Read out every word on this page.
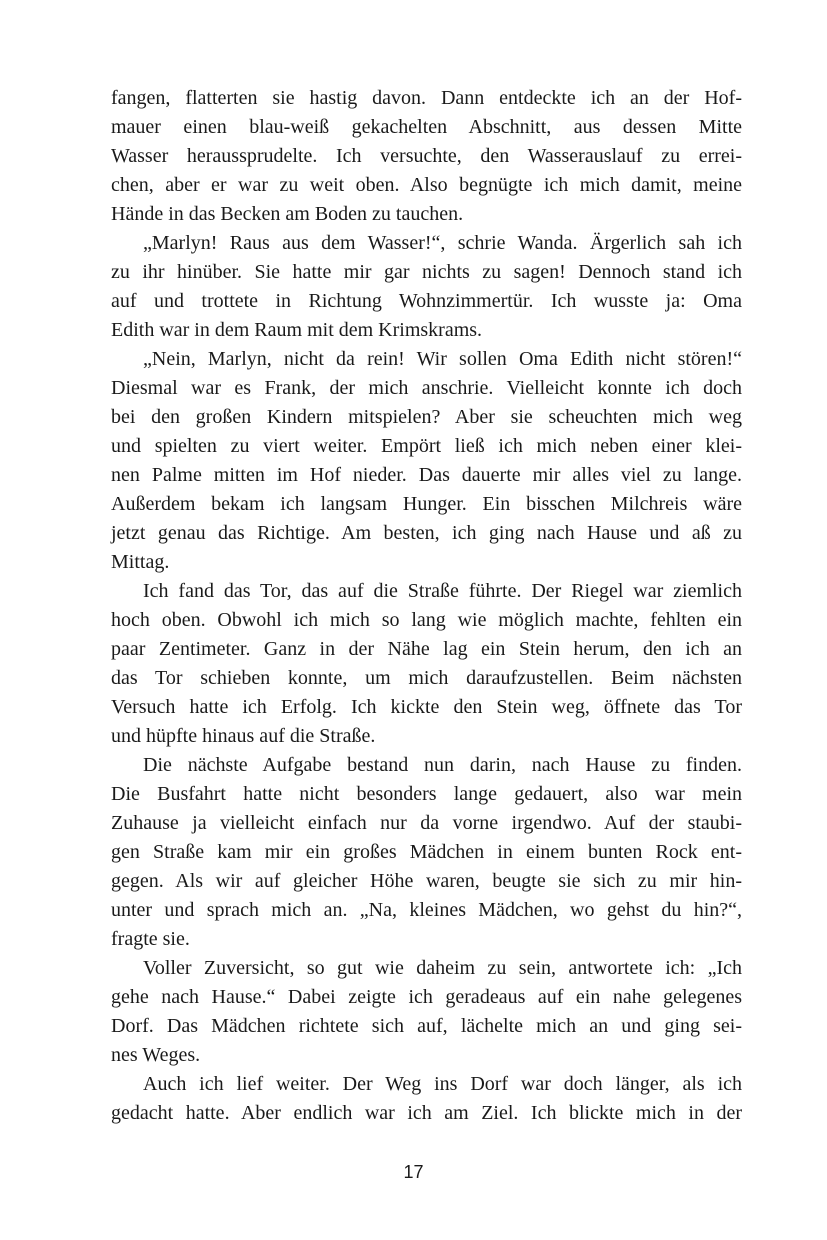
fangen, flatterten sie hastig davon. Dann entdeckte ich an der Hof-
mauer einen blau-weiß gekachelten Abschnitt, aus dessen Mitte
Wasser heraussprudelte. Ich versuchte, den Wasserauslauf zu errei-
chen, aber er war zu weit oben. Also begnügte ich mich damit, meine
Hände in das Becken am Boden zu tauchen.
„Marlyn! Raus aus dem Wasser!“, schrie Wanda. Ärgerlich sah ich
zu ihr hinüber. Sie hatte mir gar nichts zu sagen! Dennoch stand ich
auf und trottete in Richtung Wohnzimmertür. Ich wusste ja: Oma
Edith war in dem Raum mit dem Krimskrams.
„Nein, Marlyn, nicht da rein! Wir sollen Oma Edith nicht stören!“
Diesmal war es Frank, der mich anschrie. Vielleicht konnte ich doch
bei den großen Kindern mitspielen? Aber sie scheuchten mich weg
und spielten zu viert weiter. Empört ließ ich mich neben einer klei-
nen Palme mitten im Hof nieder. Das dauerte mir alles viel zu lange.
Außerdem bekam ich langsam Hunger. Ein bisschen Milchreis wäre
jetzt genau das Richtige. Am besten, ich ging nach Hause und aß zu
Mittag.
Ich fand das Tor, das auf die Straße führte. Der Riegel war ziemlich
hoch oben. Obwohl ich mich so lang wie möglich machte, fehlten ein
paar Zentimeter. Ganz in der Nähe lag ein Stein herum, den ich an
das Tor schieben konnte, um mich daraufzustellen. Beim nächsten
Versuch hatte ich Erfolg. Ich kickte den Stein weg, öffnete das Tor
und hüpfte hinaus auf die Straße.
Die nächste Aufgabe bestand nun darin, nach Hause zu finden.
Die Busfahrt hatte nicht besonders lange gedauert, also war mein
Zuhause ja vielleicht einfach nur da vorne irgendwo. Auf der staubi-
gen Straße kam mir ein großes Mädchen in einem bunten Rock ent-
gegen. Als wir auf gleicher Höhe waren, beugte sie sich zu mir hin-
unter und sprach mich an. „Na, kleines Mädchen, wo gehst du hin?“,
fragte sie.
Voller Zuversicht, so gut wie daheim zu sein, antwortete ich: „Ich
gehe nach Hause.“ Dabei zeigte ich geradeaus auf ein nahe gelegenes
Dorf. Das Mädchen richtete sich auf, lächelte mich an und ging sei-
nes Weges.
Auch ich lief weiter. Der Weg ins Dorf war doch länger, als ich
gedacht hatte. Aber endlich war ich am Ziel. Ich blickte mich in der
17
